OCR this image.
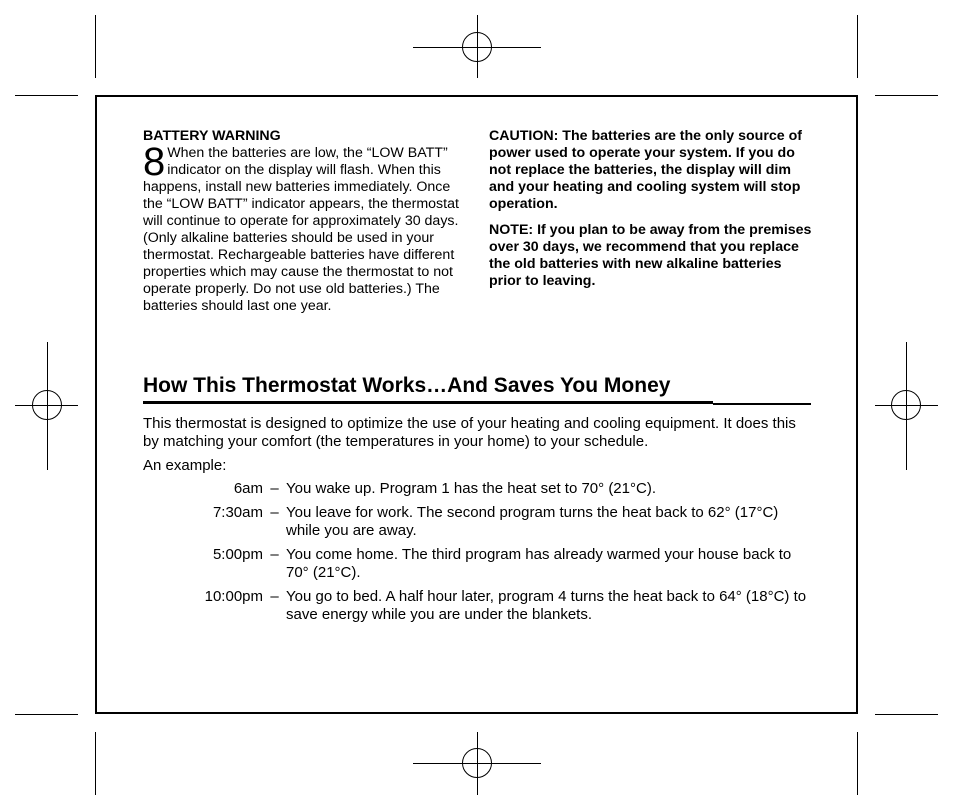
BATTERY WARNING
8 When the batteries are low, the “LOW BATT” indicator on the display will flash. When this happens, install new batteries immediately. Once the “LOW BATT” indicator appears, the thermostat will continue to operate for approximately 30 days. (Only alkaline batteries should be used in your thermostat. Rechargeable batteries have different properties which may cause the thermostat to not operate properly. Do not use old batteries.) The batteries should last one year.

CAUTION: The batteries are the only source of power used to operate your system. If you do not replace the batteries, the display will dim and your heating and cooling system will stop operation.

NOTE: If you plan to be away from the premises over 30 days, we recommend that you replace the old batteries with new alkaline batteries prior to leaving.

How This Thermostat Works…And Saves You Money
This thermostat is designed to optimize the use of your heating and cooling equipment. It does this by matching your comfort (the temperatures in your home) to your schedule.
An example:
6am – You wake up. Program 1 has the heat set to 70° (21°C).
7:30am – You leave for work. The second program turns the heat back to 62° (17°C) while you are away.
5:00pm – You come home. The third program has already warmed your house back to 70° (21°C).
10:00pm – You go to bed. A half hour later, program 4 turns the heat back to 64° (18°C) to save energy while you are under the blankets.
